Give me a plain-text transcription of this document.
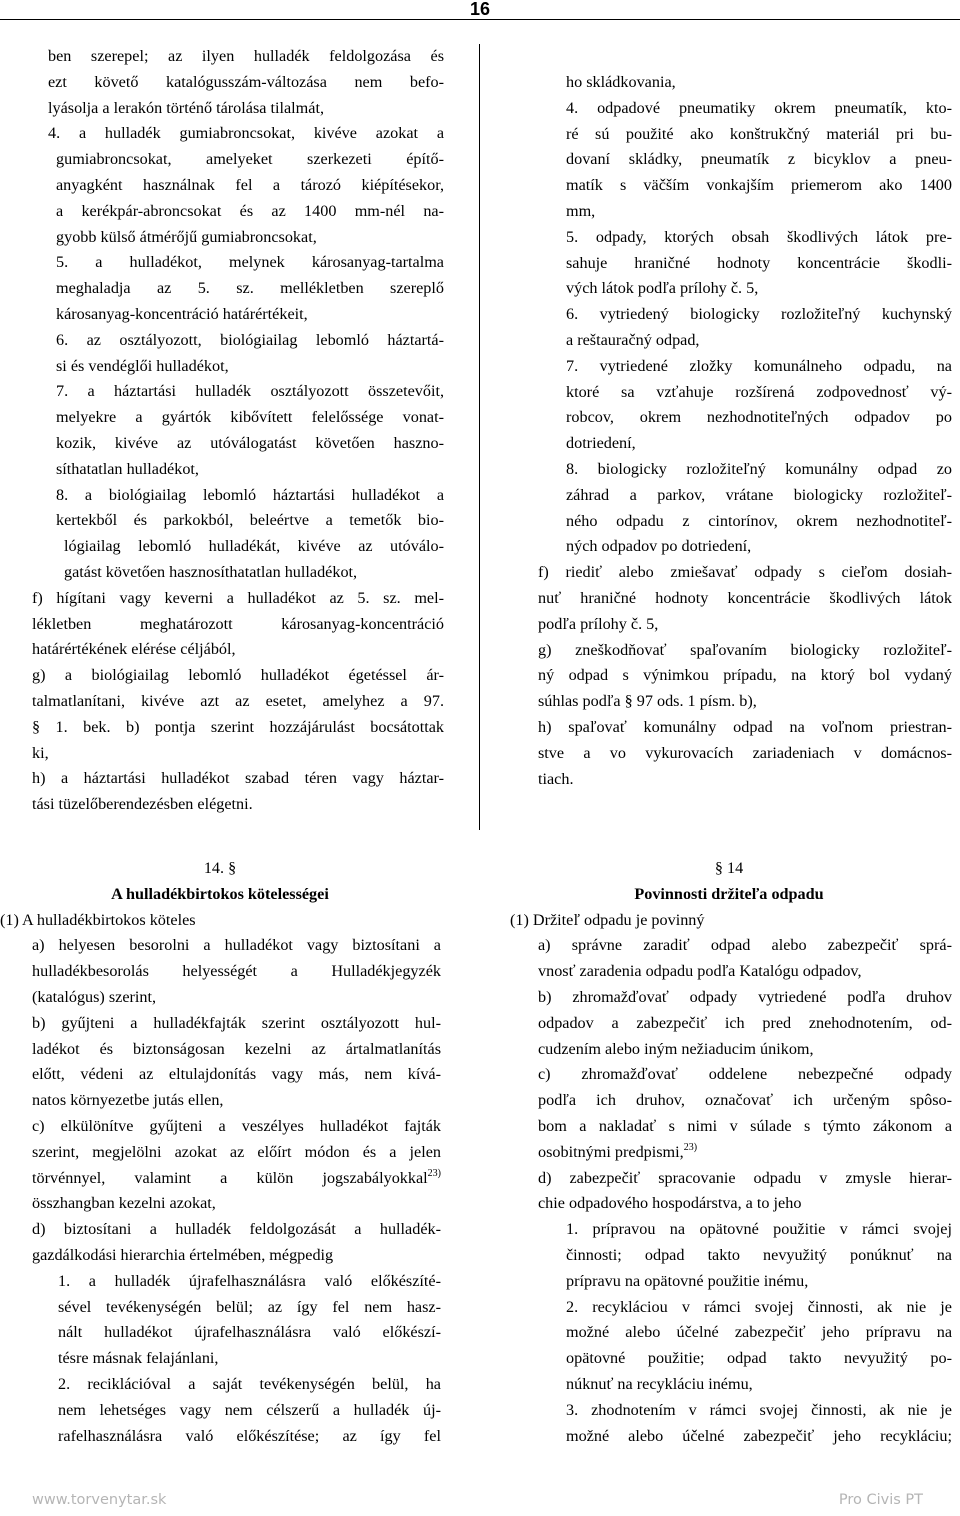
16
ben szerepel; az ilyen hulladék feldolgozása és
ezt követő katalógusszám-változása nem befo-
lyásolja a lerakón történő tárolása tilalmát,
4. a hulladék gumiabroncsokat, kivéve azokat a
gumiabroncsokat, amelyeket szerkezeti építő-
anyagként használnak fel a tározó kiépítésekor,
a kerékpár-abroncsokat és az 1400 mm-nél na-
gyobb külső átmérőjű gumiabroncsokat,
5. a hulladékot, melynek károsanyag-tartalma
meghaladja az 5. sz. mellékletben szereplő
károsanyag-koncentráció határértékeit,
6. az osztályozott, biológiailag lebomló háztartá-
si és vendéglői hulladékot,
7. a háztartási hulladék osztályozott összetevőit,
melyekre a gyártók kibővített felelőssége vonat-
kozik, kivéve az utóválogatást követően haszno-
síthatatlan hulladékot,
8. a biológiailag lebomló háztartási hulladékot a
kertekből és parkokból, beleértve a temetők bio-
lógiailag lebomló hulladékát, kivéve az utóválo-
gatást követően hasznosíthatatlan hulladékot,
f) hígítani vagy keverni a hulladékot az 5. sz. mel-
lékletben meghatározott károsanyag-koncentráció
határértékének elérése céljából,
g) a biológiailag lebomló hulladékot égetéssel ár-
talmatlanítani, kivéve azt az esetet, amelyhez a 97.
§ 1. bek. b) pontja szerint hozzájárulást bocsátottak
ki,
h) a háztartási hulladékot szabad téren vagy háztar-
tási tüzelőberendezésben elégetni.
ho skládkovania,
4. odpadové pneumatiky okrem pneumatík, kto-
ré sú použité ako konštrukčný materiál pri bu-
dovaní skládky, pneumatík z bicyklov a pneu-
matík s väčším vonkajším priemerom ako 1400
mm,
5. odpady, ktorých obsah škodlivých látok pre-
sahuje hraničné hodnoty koncentrácie škodli-
vých látok podľa prílohy č. 5,
6. vytriedený biologicky rozložiteľný kuchynský
a reštauračný odpad,
7. vytriedené zložky komunálneho odpadu, na
ktoré sa vzťahuje rozšírená zodpovednosť vý-
robcov, okrem nezhodnotiteľných odpadov po
dotriedení,
8. biologicky rozložiteľný komunálny odpad zo
záhrad a parkov, vrátane biologicky rozložiteľ-
ného odpadu z cintorínov, okrem nezhodnotiteľ-
ných odpadov po dotriedení,
f) riediť alebo zmiešavať odpady s cieľom dosiah-
nuť hraničné hodnoty koncentrácie škodlivých látok
podľa prílohy č. 5,
g) zneškodňovať spaľovaním biologicky rozložiteľ-
ný odpad s výnimkou prípadu, na ktorý bol vydaný
súhlas podľa § 97 ods. 1 písm. b),
h) spaľovať komunálny odpad na voľnom priestran-
stve a vo vykurovacích zariadeniach v domácnos-
tiach.
14. §
A hulladékbirtokos kötelességei
(1) A hulladékbirtokos köteles
a) helyesen besorolni a hulladékot vagy biztosítani a
hulladékbesorolás helyességét a Hulladékjegyzék
(katalógus) szerint,
b) gyűjteni a hulladékfajták szerint osztályozott hul-
ladékot és biztonságosan kezelni az ártalmatlanítás
előtt, védeni az eltulajdonítás vagy más, nem kívá-
natos környezetbe jutás ellen,
c) elkülönítve gyűjteni a veszélyes hulladékot fajták
szerint, megjelölni azokat az előírt módon és a jelen
törvénnyel, valamint a külön jogszabályokkal$^{23)}$
összhangban kezelni azokat,
d) biztosítani a hulladék feldolgozását a hulladék-
gazdálkodási hierarchia értelmében, mégpedig
1. a hulladék újrafelhasználásra való előkészíté-
sével tevékenységén belül; az így fel nem hasz-
nált hulladékot újrafelhasználásra való előkészí-
tésre másnak felajánlani,
2. reciklációval a saját tevékenységén belül, ha
nem lehetséges vagy nem célszerű a hulladék új-
rafelhasználásra való előkészítése; az így fel
§ 14
Povinnosti držiteľa odpadu
(1) Držiteľ odpadu je povinný
a) správne zaradiť odpad alebo zabezpečiť sprá-
vnosť zaradenia odpadu podľa Katalógu odpadov,
b) zhromažďovať odpady vytriedené podľa druhov
odpadov a zabezpečiť ich pred znehodnotením, od-
cudzením alebo iným nežiaducim únikom,
c) zhromažďovať oddelene nebezpečné odpady
podľa ich druhov, označovať ich určeným spôso-
bom a nakladať s nimi v súlade s týmto zákonom a
osobitnými predpismi,$^{23)}$
d) zabezpečiť spracovanie odpadu v zmysle hierar-
chie odpadového hospodárstva, a to jeho
1. prípravou na opätovné použitie v rámci svojej
činnosti; odpad takto nevyužitý ponúknuť na
prípravu na opätovné použitie inému,
2. recykláciou v rámci svojej činnosti, ak nie je
možné alebo účelné zabezpečiť jeho prípravu na
opätovné použitie; odpad takto nevyužitý po-
núknuť na recykláciu inému,
3. zhodnotením v rámci svojej činnosti, ak nie je
možné alebo účelné zabezpečiť jeho recykláciu;
www.torvenytar.sk	Pro Civis PT
